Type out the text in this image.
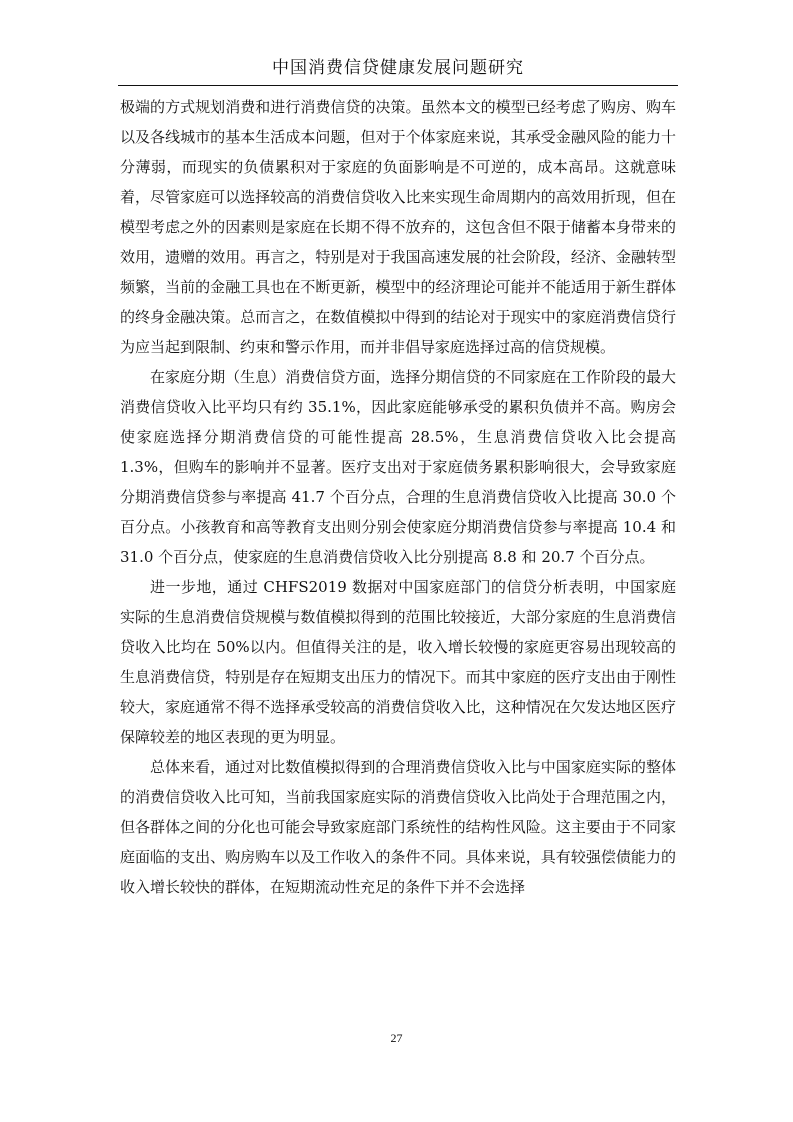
中国消费信贷健康发展问题研究

极端的方式规划消费和进行消费信贷的决策。虽然本文的模型已经考虑了购房、购车以及各线城市的基本生活成本问题，但对于个体家庭来说，其承受金融风险的能力十分薄弱，而现实的负债累积对于家庭的负面影响是不可逆的，成本高昂。这就意味着，尽管家庭可以选择较高的消费信贷收入比来实现生命周期内的高效用折现，但在模型考虑之外的因素则是家庭在长期不得不放弃的，这包含但不限于储蓄本身带来的效用，遗赠的效用。再言之，特别是对于我国高速发展的社会阶段，经济、金融转型频繁，当前的金融工具也在不断更新，模型中的经济理论可能并不能适用于新生群体的终身金融决策。总而言之，在数值模拟中得到的结论对于现实中的家庭消费信贷行为应当起到限制、约束和警示作用，而并非倡导家庭选择过高的信贷规模。

在家庭分期（生息）消费信贷方面，选择分期信贷的不同家庭在工作阶段的最大消费信贷收入比平均只有约 35.1%，因此家庭能够承受的累积负债并不高。购房会使家庭选择分期消费信贷的可能性提高 28.5%，生息消费信贷收入比会提高 1.3%，但购车的影响并不显著。医疗支出对于家庭债务累积影响很大，会导致家庭分期消费信贷参与率提高 41.7 个百分点，合理的生息消费信贷收入比提高 30.0 个百分点。小孩教育和高等教育支出则分别会使家庭分期消费信贷参与率提高 10.4 和 31.0 个百分点，使家庭的生息消费信贷收入比分别提高 8.8 和 20.7 个百分点。

进一步地，通过 CHFS2019 数据对中国家庭部门的信贷分析表明，中国家庭实际的生息消费信贷规模与数值模拟得到的范围比较接近，大部分家庭的生息消费信贷收入比均在 50%以内。但值得关注的是，收入增长较慢的家庭更容易出现较高的生息消费信贷，特别是存在短期支出压力的情况下。而其中家庭的医疗支出由于刚性较大，家庭通常不得不选择承受较高的消费信贷收入比，这种情况在欠发达地区医疗保障较差的地区表现的更为明显。

总体来看，通过对比数值模拟得到的合理消费信贷收入比与中国家庭实际的整体的消费信贷收入比可知，当前我国家庭实际的消费信贷收入比尚处于合理范围之内，但各群体之间的分化也可能会导致家庭部门系统性的结构性风险。这主要由于不同家庭面临的支出、购房购车以及工作收入的条件不同。具体来说，具有较强偿债能力的收入增长较快的群体，在短期流动性充足的条件下并不会选择

27
